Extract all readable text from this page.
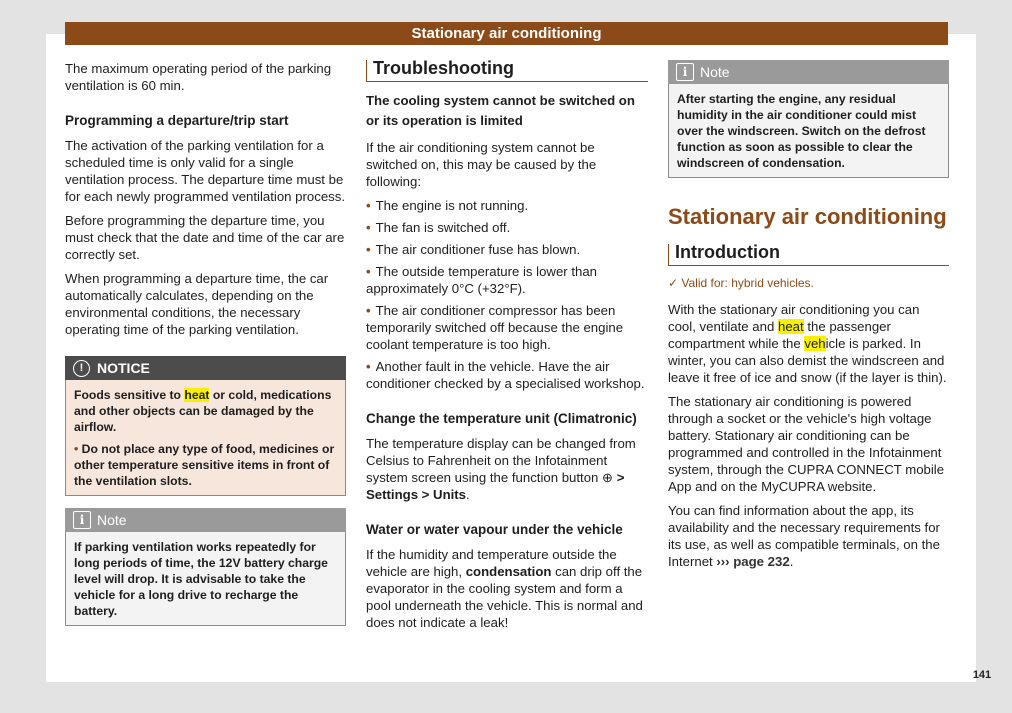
Stationary air conditioning

The maximum operating period of the parking ventilation is 60 min.

Programming a departure/trip start

The activation of the parking ventilation for a scheduled time is only valid for a single ventilation process. The departure time must be for each newly programmed ventilation process.

Before programming the departure time, you must check that the date and time of the car are correctly set.

When programming a departure time, the car automatically calculates, depending on the environmental conditions, the necessary operating time of the parking ventilation.

! NOTICE

Foods sensitive to heat or cold, medications and other objects can be damaged by the airflow.

• Do not place any type of food, medicines or other temperature sensitive items in front of the ventilation slots.

i Note

If parking ventilation works repeatedly for long periods of time, the 12V battery charge level will drop. It is advisable to take the vehicle for a long drive to recharge the battery.

Troubleshooting
The cooling system cannot be switched on or its operation is limited

If the air conditioning system cannot be switched on, this may be caused by the following:

• The engine is not running.
• The fan is switched off.
• The air conditioner fuse has blown.
• The outside temperature is lower than approximately 0°C (+32°F).
• The air conditioner compressor has been temporarily switched off because the engine coolant temperature is too high.
• Another fault in the vehicle. Have the air conditioner checked by a specialised workshop.
Change the temperature unit (Climatronic)

The temperature display can be changed from Celsius to Fahrenheit on the Infotainment system screen using the function button ⊕ > Settings > Units.

Water or water vapour under the vehicle

If the humidity and temperature outside the vehicle are high, condensation can drip off the evaporator in the cooling system and form a pool underneath the vehicle. This is normal and does not indicate a leak!

i Note

After starting the engine, any residual humidity in the air conditioner could mist over the windscreen. Switch on the defrost function as soon as possible to clear the windscreen of condensation.

Stationary air conditioning
Introduction
✓ Valid for: hybrid vehicles.

With the stationary air conditioning you can cool, ventilate and heat the passenger compartment while the vehicle is parked. In winter, you can also demist the windscreen and leave it free of ice and snow (if the layer is thin).

The stationary air conditioning is powered through a socket or the vehicle's high voltage battery. Stationary air conditioning can be programmed and controlled in the Infotainment system, through the CUPRA CONNECT mobile App and on the MyCUPRA website.

You can find information about the app, its availability and the necessary requirements for its use, as well as compatible terminals, on the Internet ››› page 232.

141
